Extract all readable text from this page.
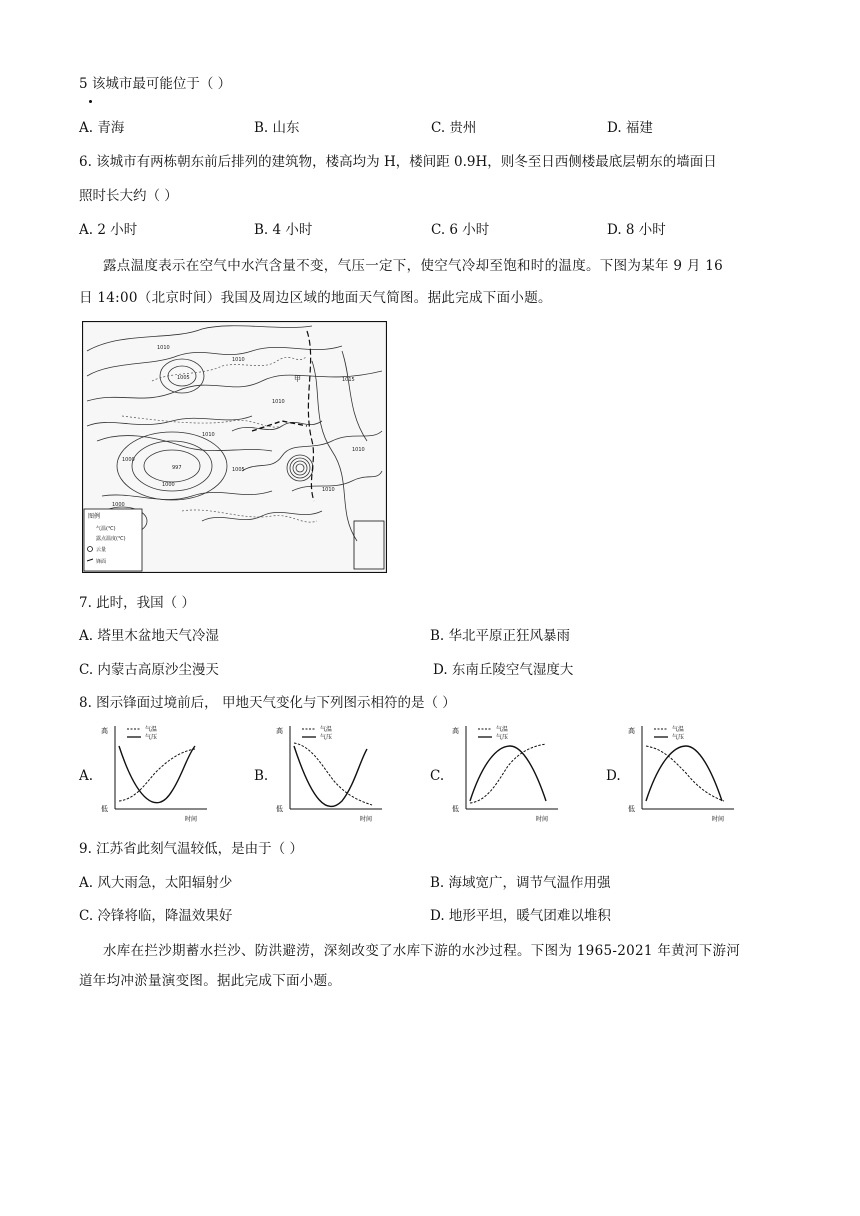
5 该城市最可能位于（ ）
A. 青海	B. 山东	C. 贵州	D. 福建
6. 该城市有两栋朝东前后排列的建筑物，楼高均为 H，楼间距 0.9H，则冬至日西侧楼最底层朝东的墙面日
照时长大约（ ）
A. 2 小时	B. 4 小时	C. 6 小时	D. 8 小时
露点温度表示在空气中水汽含量不变，气压一定下，使空气冷却至饱和时的温度。下图为某年 9 月 16
日 14:00（北京时间）我国及周边区域的地面天气简图。据此完成下面小题。
1010
1010
1005
1000
1015
1010
1005
1000
997
1010
1010
1010
1000
甲
图例
气温(℃)
露点温度(℃)
云量
锋面
7. 此时，我国（ ）
A. 塔里木盆地天气冷湿	B. 华北平原正狂风暴雨
C. 内蒙古高原沙尘漫天	D. 东南丘陵空气湿度大
8. 图示锋面过境前后， 甲地天气变化与下列图示相符的是（ ）
A.	B.	C.	D.
高
低
时间
气温
气压
高
低
时间
气温
气压
高
低
时间
气温
气压
高
低
时间
气温
气压
9. 江苏省此刻气温较低，是由于（ ）
A. 风大雨急，太阳辐射少	B. 海域宽广，调节气温作用强
C. 冷锋将临，降温效果好	D. 地形平坦，暖气团难以堆积
水库在拦沙期蓄水拦沙、防洪避涝，深刻改变了水库下游的水沙过程。下图为 1965-2021 年黄河下游河
道年均冲淤量演变图。据此完成下面小题。
